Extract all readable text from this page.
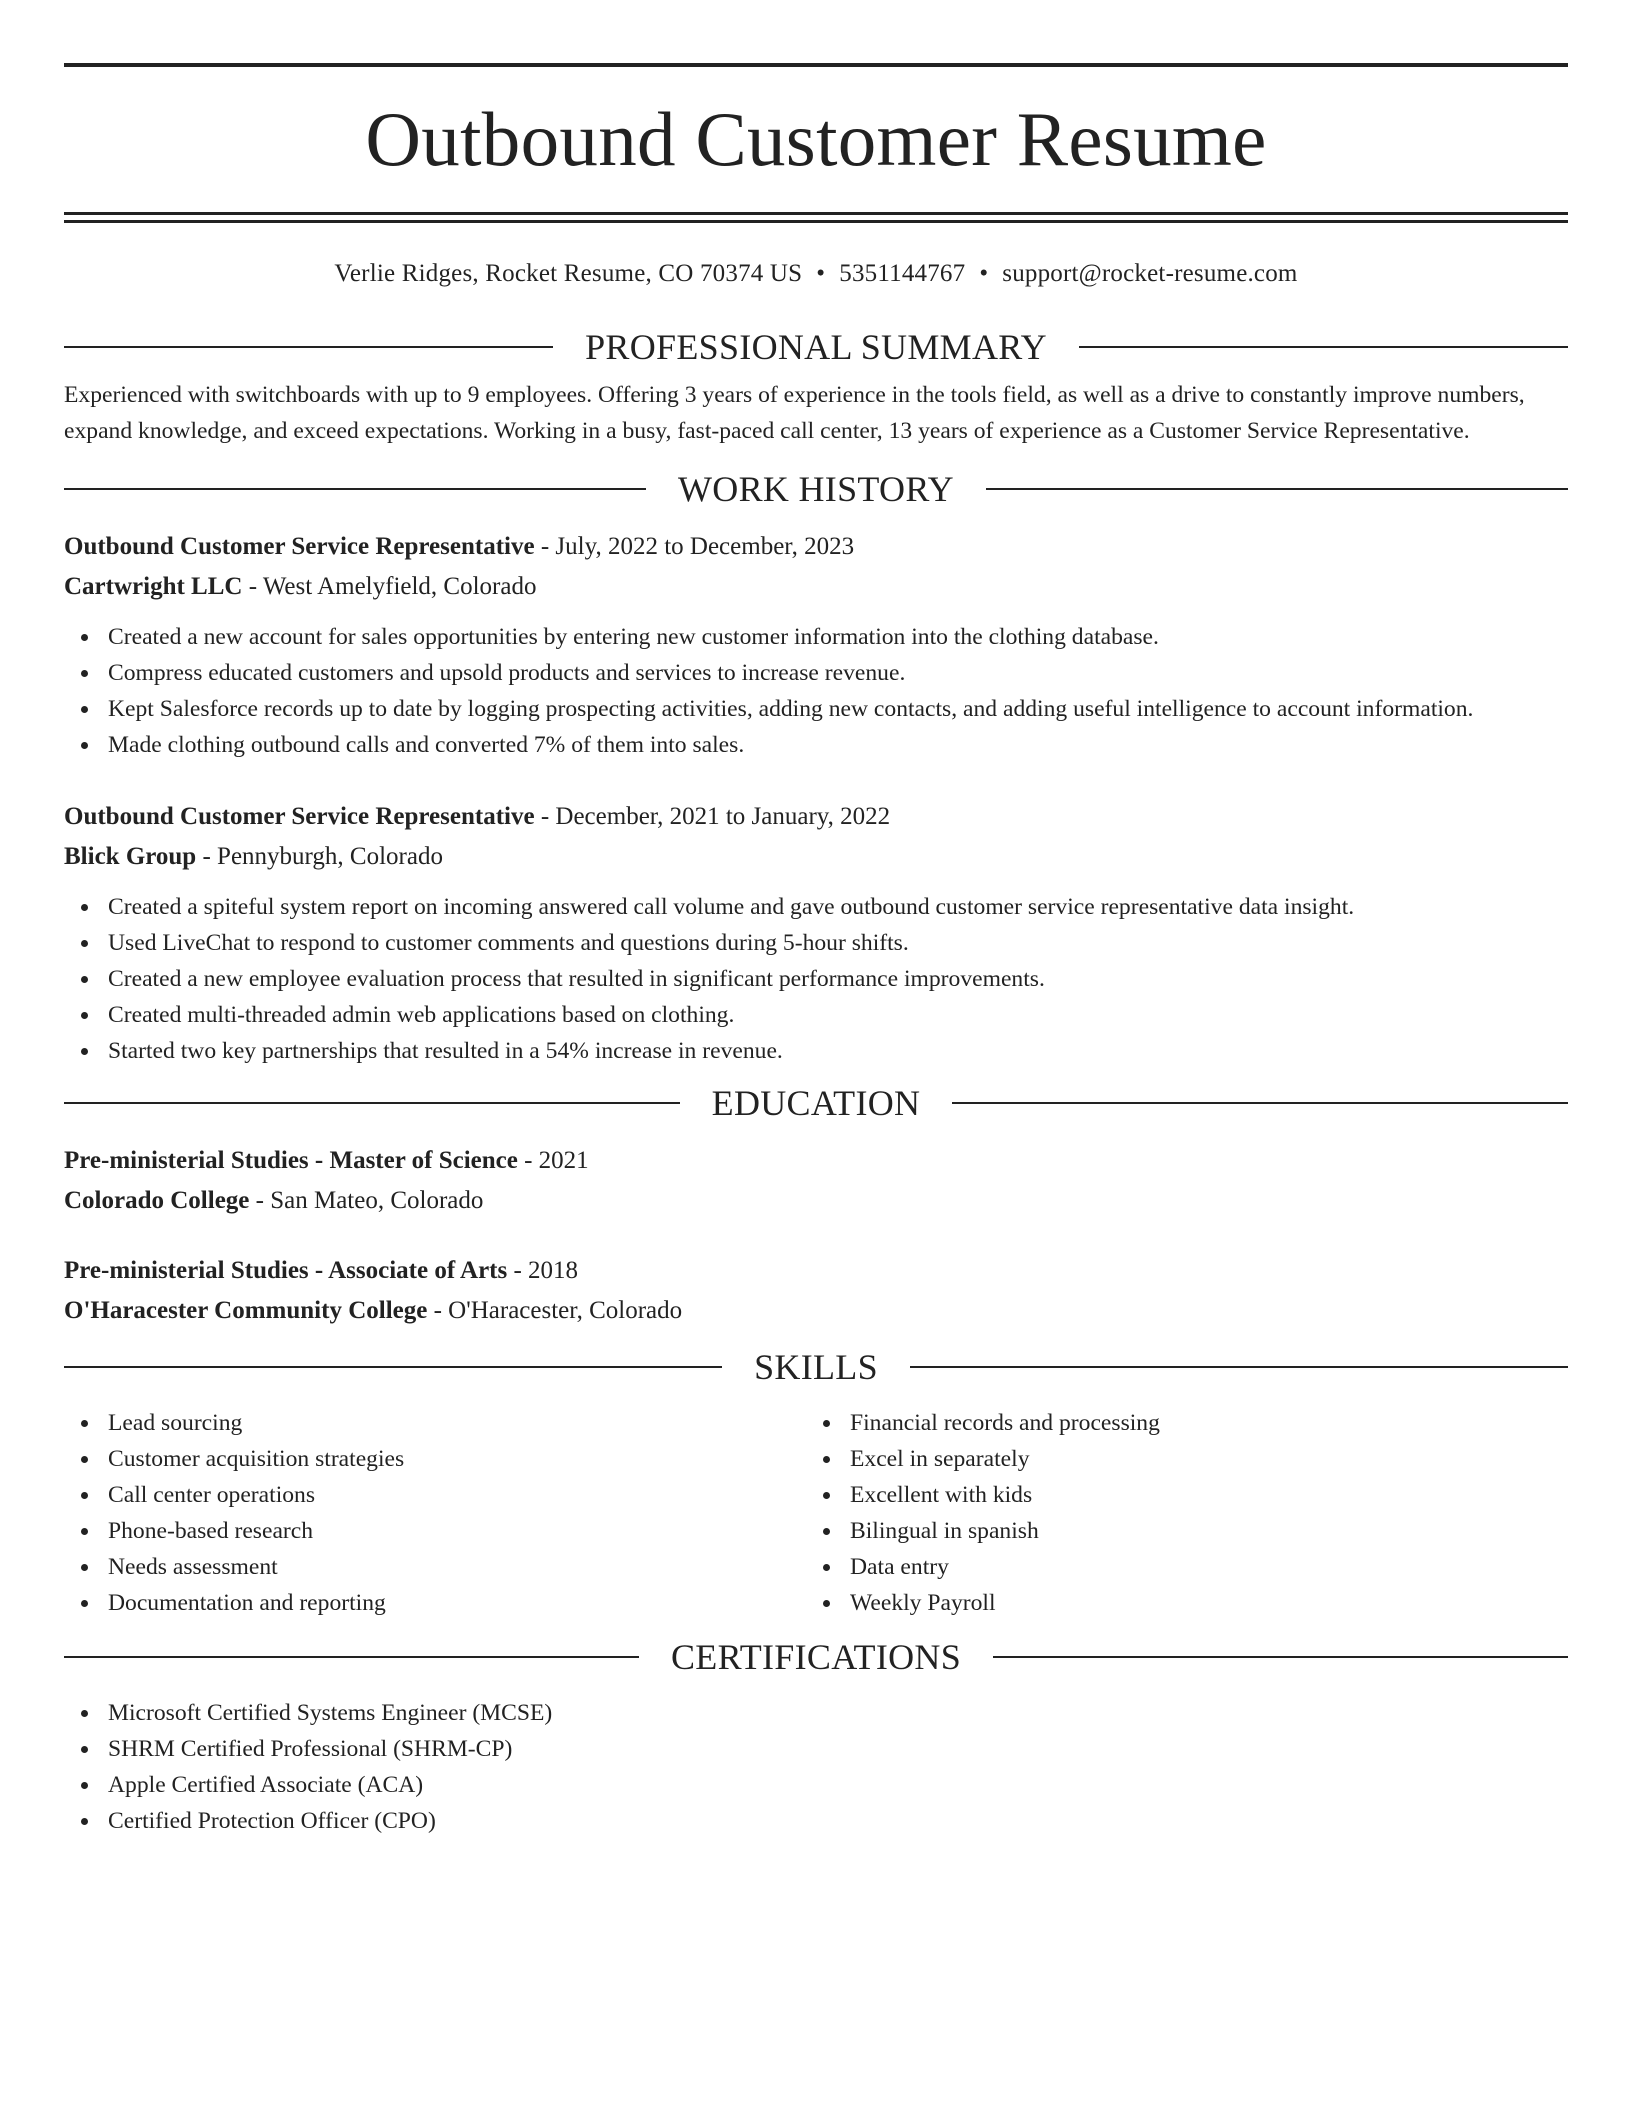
Outbound Customer Resume
Verlie Ridges, Rocket Resume, CO 70374 US • 5351144767 • support@rocket-resume.com
PROFESSIONAL SUMMARY

Experienced with switchboards with up to 9 employees. Offering 3 years of experience in the tools field, as well as a drive to constantly improve numbers, expand knowledge, and exceed expectations. Working in a busy, fast-paced call center, 13 years of experience as a Customer Service Representative.

WORK HISTORY
Outbound Customer Service Representative - July, 2022 to December, 2023
Cartwright LLC - West Amelyfield, Colorado
Created a new account for sales opportunities by entering new customer information into the clothing database.
Compress educated customers and upsold products and services to increase revenue.
Kept Salesforce records up to date by logging prospecting activities, adding new contacts, and adding useful intelligence to account information.
Made clothing outbound calls and converted 7% of them into sales.
Outbound Customer Service Representative - December, 2021 to January, 2022
Blick Group - Pennyburgh, Colorado
Created a spiteful system report on incoming answered call volume and gave outbound customer service representative data insight.
Used LiveChat to respond to customer comments and questions during 5-hour shifts.
Created a new employee evaluation process that resulted in significant performance improvements.
Created multi-threaded admin web applications based on clothing.
Started two key partnerships that resulted in a 54% increase in revenue.
EDUCATION
Pre-ministerial Studies - Master of Science - 2021
Colorado College - San Mateo, Colorado
Pre-ministerial Studies - Associate of Arts - 2018
O'Haracester Community College - O'Haracester, Colorado
SKILLS
Lead sourcing
Customer acquisition strategies
Call center operations
Phone-based research
Needs assessment
Documentation and reporting
Financial records and processing
Excel in separately
Excellent with kids
Bilingual in spanish
Data entry
Weekly Payroll
CERTIFICATIONS
Microsoft Certified Systems Engineer (MCSE)
SHRM Certified Professional (SHRM-CP)
Apple Certified Associate (ACA)
Certified Protection Officer (CPO)
